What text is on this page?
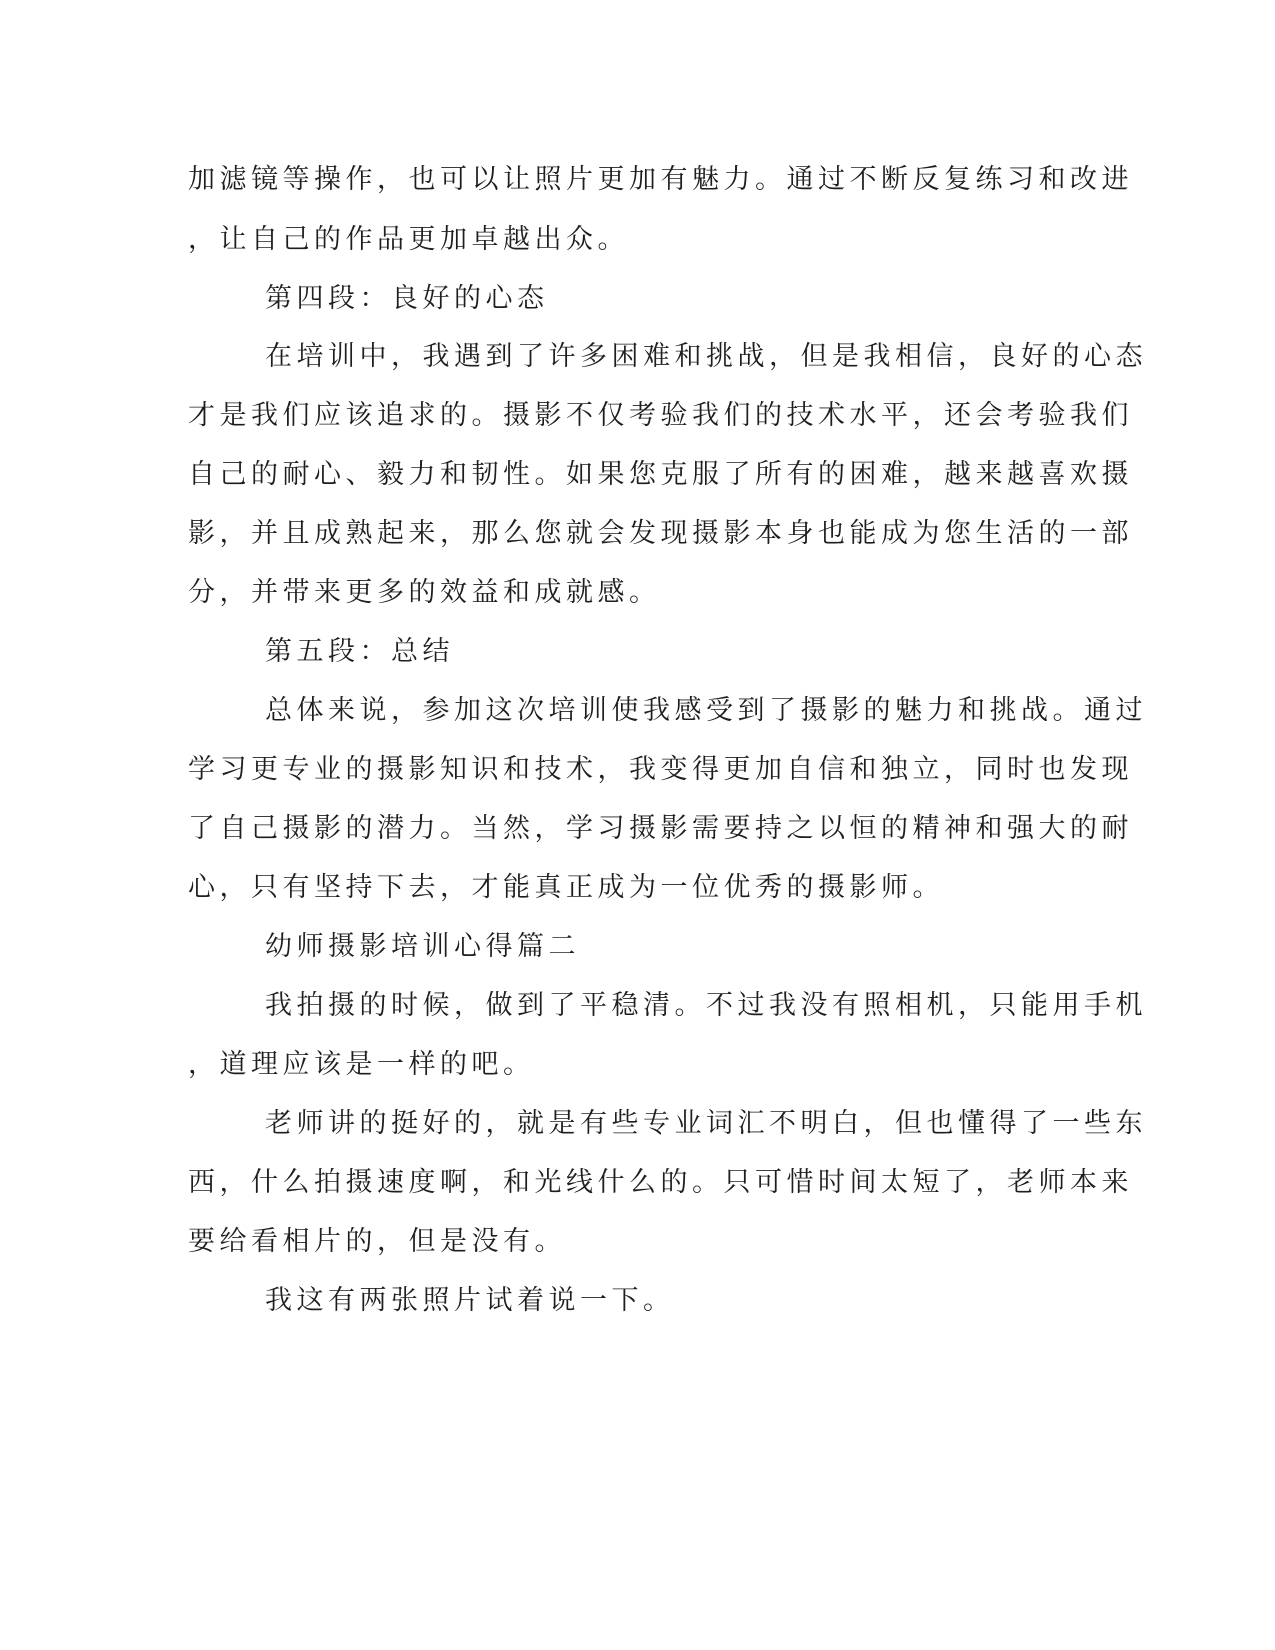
加滤镜等操作，也可以让照片更加有魅力。通过不断反复练习和改进
，让自己的作品更加卓越出众。
第四段：良好的心态
在培训中，我遇到了许多困难和挑战，但是我相信，良好的心态
才是我们应该追求的。摄影不仅考验我们的技术水平，还会考验我们
自己的耐心、毅力和韧性。如果您克服了所有的困难，越来越喜欢摄
影，并且成熟起来，那么您就会发现摄影本身也能成为您生活的一部
分，并带来更多的效益和成就感。
第五段：总结
总体来说，参加这次培训使我感受到了摄影的魅力和挑战。通过
学习更专业的摄影知识和技术，我变得更加自信和独立，同时也发现
了自己摄影的潜力。当然，学习摄影需要持之以恒的精神和强大的耐
心，只有坚持下去，才能真正成为一位优秀的摄影师。
幼师摄影培训心得篇二
我拍摄的时候，做到了平稳清。不过我没有照相机，只能用手机
，道理应该是一样的吧。
老师讲的挺好的，就是有些专业词汇不明白，但也懂得了一些东
西，什么拍摄速度啊，和光线什么的。只可惜时间太短了，老师本来
要给看相片的，但是没有。
我这有两张照片试着说一下。
